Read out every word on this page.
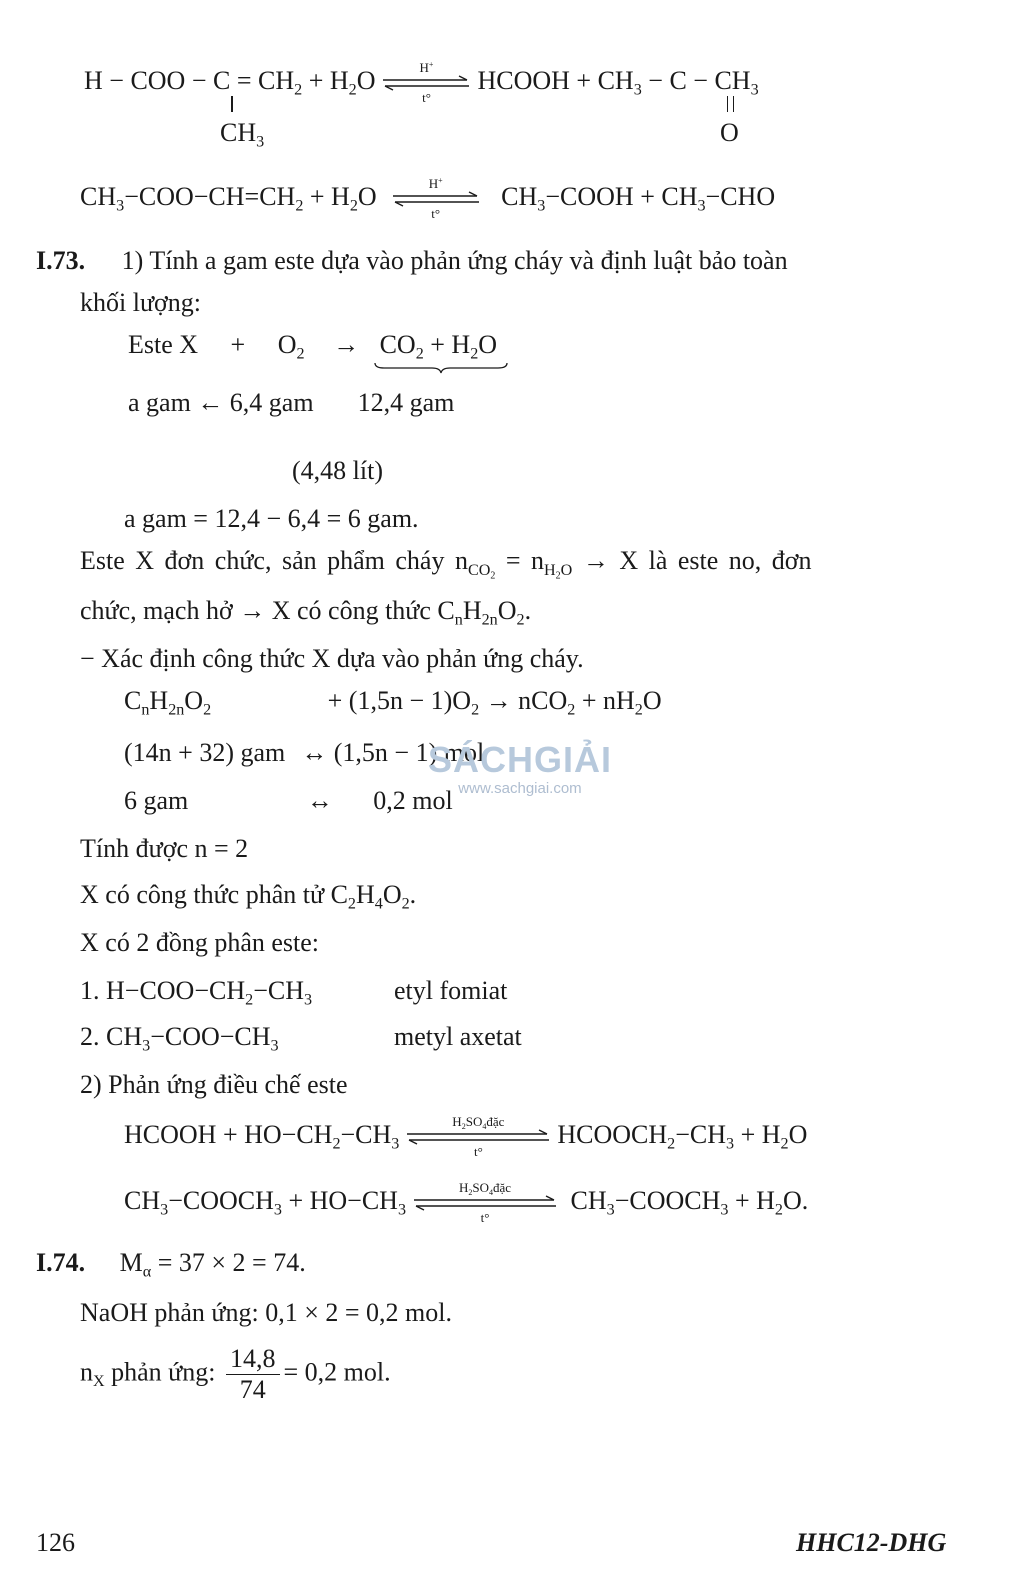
H − COO − $C = CH_2 + H_2O$	H+
t°
HCOOH + $CH_3 - C - CH_3$
$CH_3$	O
$CH_3-COO-CH=CH_2 + H_2O$	H+
t°
$CH_3-COOH + CH_3-CHO$
I.73. 1) Tính a gam este dựa vào phản ứng cháy và định luật bảo toàn
khối lượng:
Este $X + O_2 \to CO_2 + H_2O$
a gam ← 6,4 gam 12,4 gam
(4,48 lít)
a gam = 12,4 − 6,4 = 6 gam.
Este X đơn chức, sản phẩm cháy $n_{CO_2} = n_{H_2O} \to X$ là este no, đơn
chức, mạch hở → X có công thức $C_nH_{2n}O_2$.
− Xác định công thức X dựa vào phản ứng cháy.
$C_nH_{2n}O_2$	+ $(1,5n - 1)O_2 \to nCO_2 + nH_2O$
(14n + 32) gam ↔ (1,5n − 1) mol
6 gam	↔ 0,2 mol
SÁCHGIẢI
www.sachgiai.com
Tính được n = 2
X có công thức phân tử $C_2H_4O_2$.
X có 2 đồng phân este:
1. $H-COO-CH_2-CH_3$	etyl fomiat
2. $CH_3-COO-CH_3$	metyl axetat
2) Phản ứng điều chế este
HCOOH + $HO-CH_2-CH_3$
$H_2SO_4đặc$
t°
$HCOOCH_2-CH_3 + H_2O$
$CH_3-COOCH_3 + HO-CH_3$
$H_2SO_4đặc$
t°
$CH_3-COOCH_3 + H_2O$.
I.74. $M_\alpha = 37 \times 2 = 74$.
NaOH phản ứng: 0,1 × 2 = 0,2 mol.
$n_X$ phản ứng: $\frac{14,8}{74} = 0,2$ mol.
126	HHC12-DHG
